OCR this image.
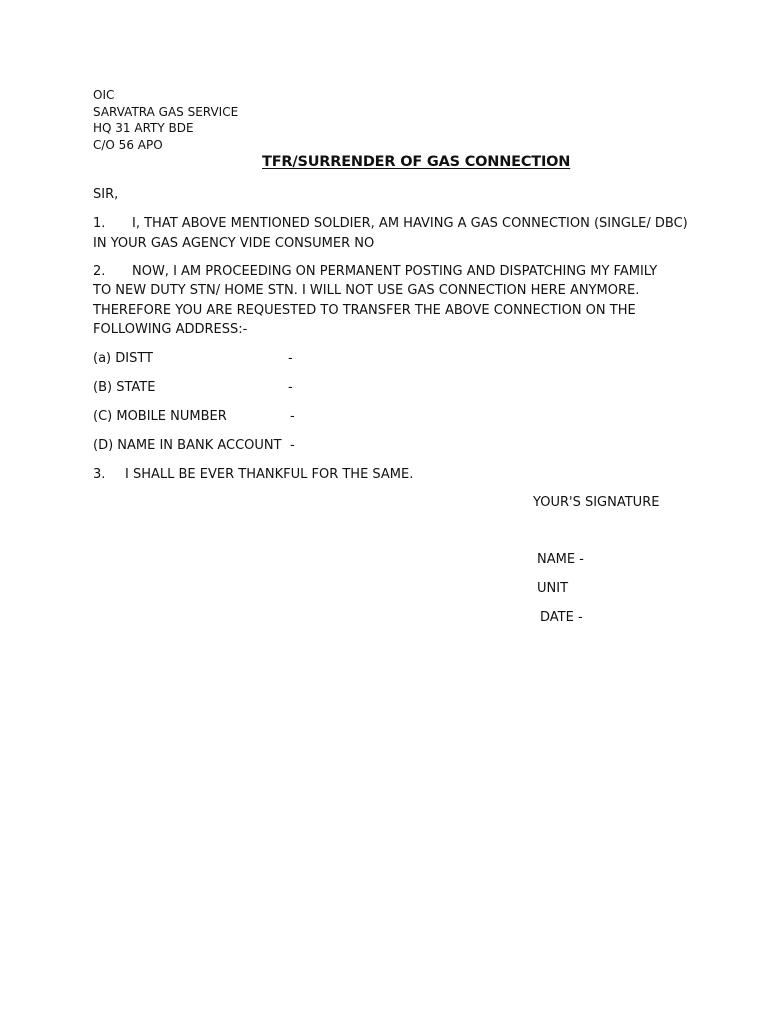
OIC
SARVATRA GAS SERVICE
HQ 31 ARTY BDE
C/O 56 APO
TFR/SURRENDER OF GAS CONNECTION
SIR,
1. I, THAT ABOVE MENTIONED SOLDIER, AM HAVING A GAS CONNECTION (SINGLE/ DBC)
IN YOUR GAS AGENCY VIDE CONSUMER NO
2. NOW, I AM PROCEEDING ON PERMANENT POSTING AND DISPATCHING MY FAMILY
TO NEW DUTY STN/ HOME STN. I WILL NOT USE GAS CONNECTION HERE ANYMORE.
THEREFORE YOU ARE REQUESTED TO TRANSFER THE ABOVE CONNECTION ON THE
FOLLOWING ADDRESS:-
(a) DISTT	-
(B) STATE	-
(C) MOBILE NUMBER	-
(D) NAME IN BANK ACCOUNT -
3. I SHALL BE EVER THANKFUL FOR THE SAME.
YOUR'S SIGNATURE
NAME -
UNIT
DATE -
